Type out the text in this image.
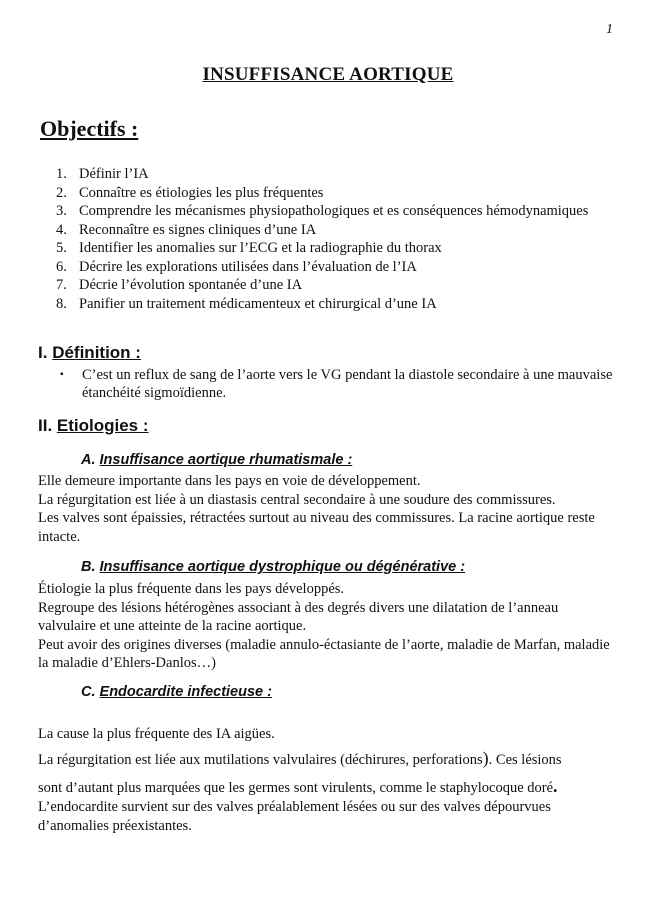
1
INSUFFISANCE AORTIQUE
Objectifs :
1. Définir l’IA
2. Connaître es étiologies les plus fréquentes
3. Comprendre les mécanismes physiopathologiques et es conséquences hémodynamiques
4. Reconnaître es signes cliniques d’une IA
5. Identifier les anomalies sur l’ECG et la radiographie du thorax
6. Décrire les explorations utilisées dans l’évaluation de l’IA
7. Décrie l’évolution spontanée d’une IA
8. Panifier un traitement médicamenteux et chirurgical d’une IA
I. Définition :
▪ C’est un reflux de sang de l’aorte vers le VG pendant la diastole secondaire à une mauvaise étanchéité sigmoïdienne.
II. Etiologies :
A. Insuffisance aortique rhumatismale :

Elle demeure importante dans les pays en voie de développement.

La régurgitation est liée à un diastasis central secondaire à une soudure des commissures.

Les valves sont épaissies, rétractées surtout au niveau des commissures. La racine aortique reste intacte.

B. Insuffisance aortique dystrophique ou dégénérative :

Étiologie la plus fréquente dans les pays développés.

Regroupe des lésions hétérogènes associant à des degrés divers une dilatation de l’anneau valvulaire et une atteinte de la racine aortique.

Peut avoir des origines diverses (maladie annulo-éctasiante de l’aorte, maladie de Marfan, maladie la maladie d’Ehlers-Danlos…)

C. Endocardite infectieuse :

La cause la plus fréquente des IA aigües.

La régurgitation est liée aux mutilations valvulaires (déchirures, perforations). Ces lésions

sont d’autant plus marquées que les germes sont virulents, comme le staphylocoque doré.

L’endocardite survient sur des valves préalablement lésées ou sur des valves dépourvues d’anomalies préexistantes.
